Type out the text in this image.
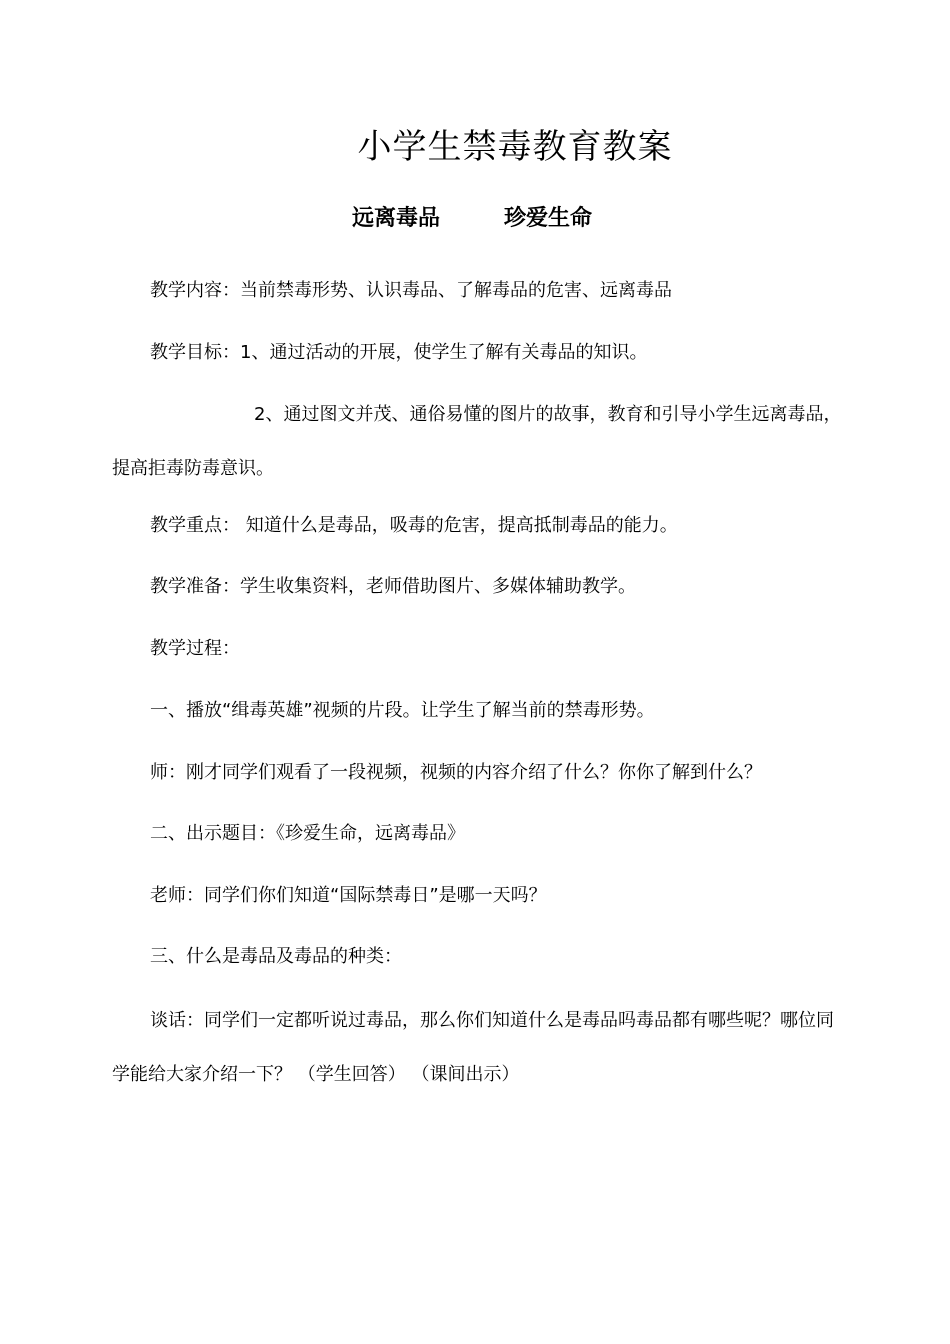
小学生禁毒教育教案
远离毒品	珍爱生命

教学内容：当前禁毒形势、认识毒品、了解毒品的危害、远离毒品

教学目标：1、通过活动的开展，使学生了解有关毒品的知识。

2、通过图文并茂、通俗易懂的图片的故事，教育和引导小学生远离毒品，提高拒毒防毒意识。

教学重点： 知道什么是毒品，吸毒的危害，提高抵制毒品的能力。

教学准备：学生收集资料，老师借助图片、多媒体辅助教学。

教学过程：

一、播放“缉毒英雄”视频的片段。让学生了解当前的禁毒形势。

师：刚才同学们观看了一段视频，视频的内容介绍了什么？你你了解到什么？

二、出示题目：《珍爱生命，远离毒品》

老师：同学们你们知道“国际禁毒日”是哪一天吗？

三、什么是毒品及毒品的种类：

谈话：同学们一定都听说过毒品，那么你们知道什么是毒品吗毒品都有哪些呢？哪位同学能给大家介绍一下？ （学生回答） （课间出示）
